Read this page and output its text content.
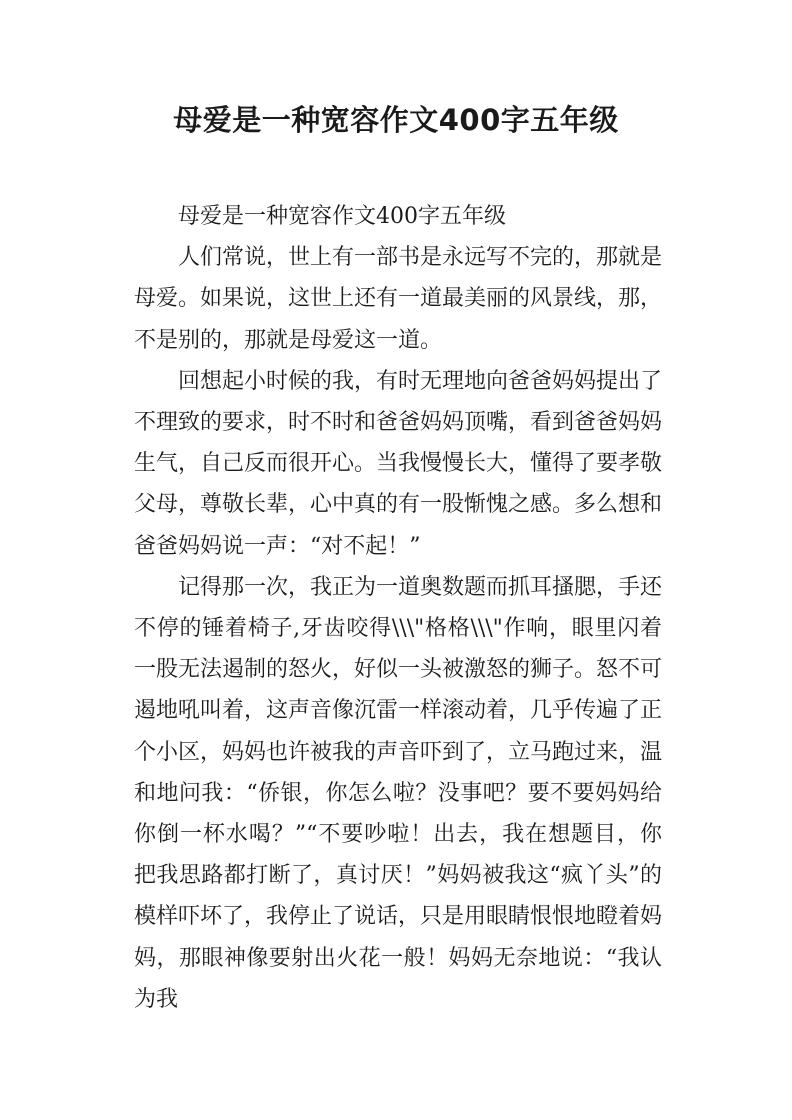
母爱是一种宽容作文400字五年级

母爱是一种宽容作文400字五年级

人们常说，世上有一部书是永远写不完的，那就是母爱。如果说，这世上还有一道最美丽的风景线，那，不是别的，那就是母爱这一道。

回想起小时候的我，有时无理地向爸爸妈妈提出了不理致的要求，时不时和爸爸妈妈顶嘴，看到爸爸妈妈生气，自己反而很开心。当我慢慢长大，懂得了要孝敬父母，尊敬长辈，心中真的有一股惭愧之感。多么想和爸爸妈妈说一声：“对不起！”

记得那一次，我正为一道奥数题而抓耳搔腮，手还不停的锤着椅子,牙齿咬得\\\"格格\\\"作响，眼里闪着一股无法遏制的怒火，好似一头被激怒的狮子。怒不可遏地吼叫着，这声音像沉雷一样滚动着，几乎传遍了正个小区，妈妈也许被我的声音吓到了，立马跑过来，温和地问我：“侨银，你怎么啦？没事吧？要不要妈妈给你倒一杯水喝？”“不要吵啦！出去，我在想题目，你把我思路都打断了，真讨厌！”妈妈被我这“疯丫头”的模样吓坏了，我停止了说话，只是用眼睛恨恨地瞪着妈妈，那眼神像要射出火花一般！妈妈无奈地说：“我认为我
